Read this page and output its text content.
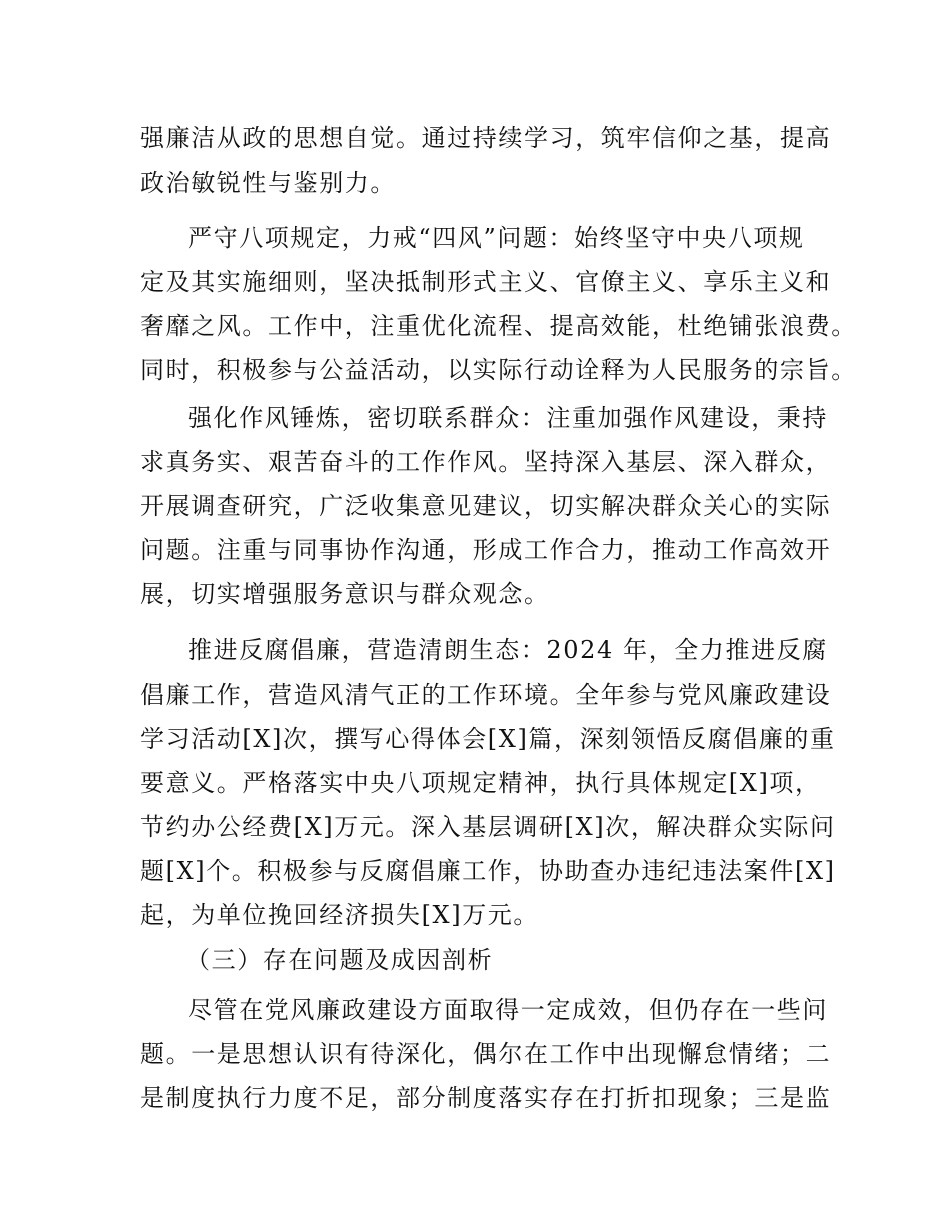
强廉洁从政的思想自觉。通过持续学习，筑牢信仰之基，提高
政治敏锐性与鉴别力。
严守八项规定，力戒“四风”问题：始终坚守中央八项规
定及其实施细则，坚决抵制形式主义、官僚主义、享乐主义和
奢靡之风。工作中，注重优化流程、提高效能，杜绝铺张浪费。
同时，积极参与公益活动，以实际行动诠释为人民服务的宗旨。
强化作风锤炼，密切联系群众：注重加强作风建设，秉持
求真务实、艰苦奋斗的工作作风。坚持深入基层、深入群众，
开展调查研究，广泛收集意见建议，切实解决群众关心的实际
问题。注重与同事协作沟通，形成工作合力，推动工作高效开
展，切实增强服务意识与群众观念。
推进反腐倡廉，营造清朗生态：2024 年，全力推进反腐
倡廉工作，营造风清气正的工作环境。全年参与党风廉政建设
学习活动[X]次，撰写心得体会[X]篇，深刻领悟反腐倡廉的重
要意义。严格落实中央八项规定精神，执行具体规定[X]项，
节约办公经费[X]万元。深入基层调研[X]次，解决群众实际问
题[X]个。积极参与反腐倡廉工作，协助查办违纪违法案件[X]
起，为单位挽回经济损失[X]万元。
（三）存在问题及成因剖析
尽管在党风廉政建设方面取得一定成效，但仍存在一些问
题。一是思想认识有待深化，偶尔在工作中出现懈怠情绪；二
是制度执行力度不足，部分制度落实存在打折扣现象；三是监
